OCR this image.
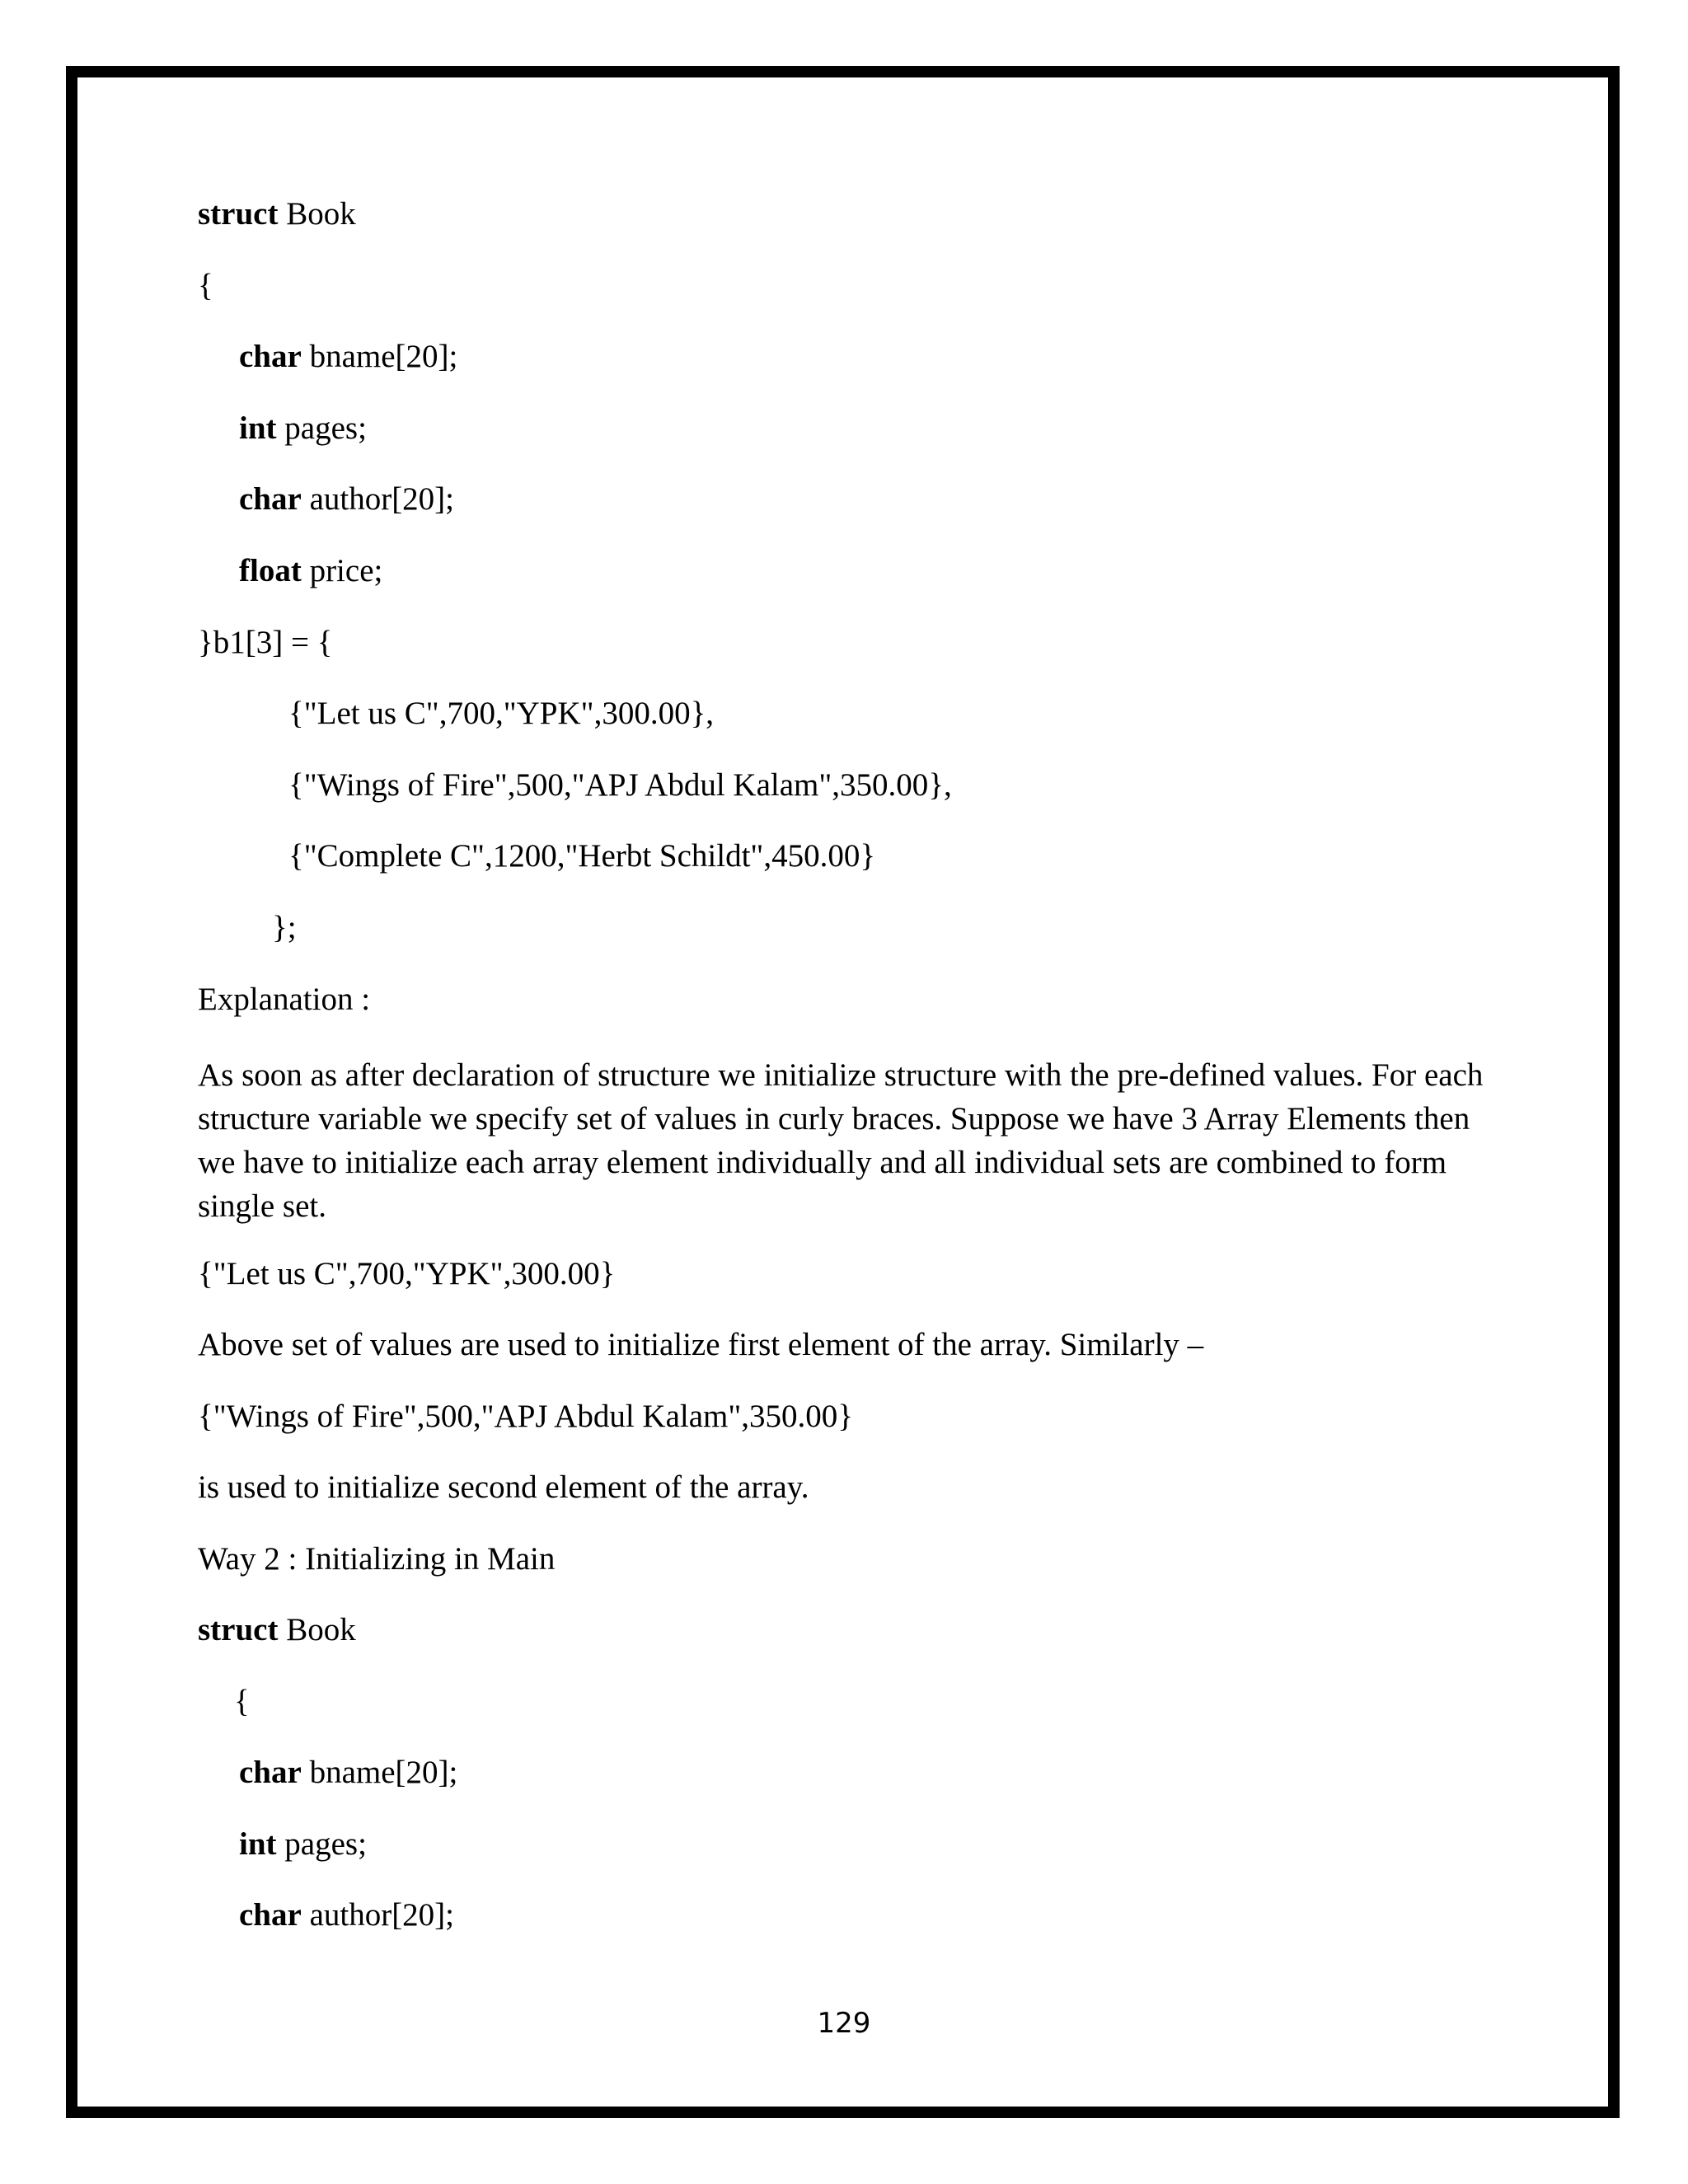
struct Book

{

char bname[20];

int pages;

char author[20];

float price;

}b1[3] = {

{"Let us C",700,"YPK",300.00},

{"Wings of Fire",500,"APJ Abdul Kalam",350.00},

{"Complete C",1200,"Herbt Schildt",450.00}

};

Explanation :

As soon as after declaration of structure we initialize structure with the pre-defined values. For each structure variable we specify set of values in curly braces. Suppose we have 3 Array Elements then we have to initialize each array element individually and all individual sets are combined to form single set.

{"Let us C",700,"YPK",300.00}

Above set of values are used to initialize first element of the array. Similarly –

{"Wings of Fire",500,"APJ Abdul Kalam",350.00}

is used to initialize second element of the array.

Way 2 : Initializing in Main

struct Book

{

char bname[20];

int pages;

char author[20];

129
